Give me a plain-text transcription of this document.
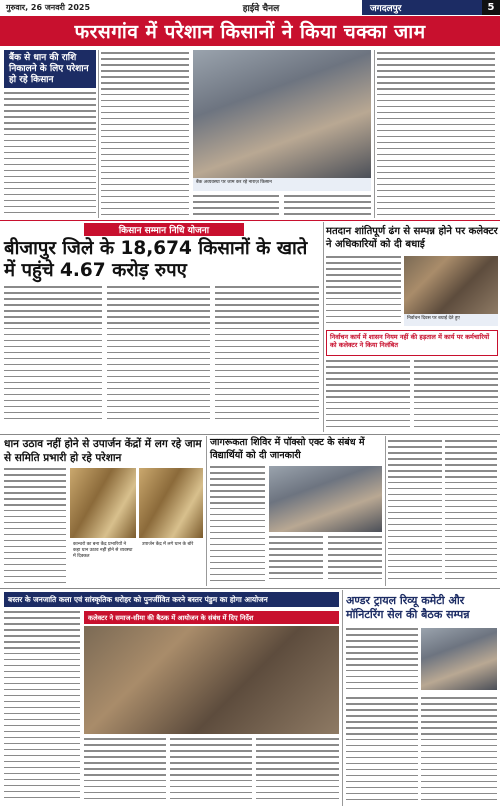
गुरुवार, 26 जनवरी 2025	हाईवे चैनल	जगदलपुर	5
फरसगांव में परेशान किसानों ने किया चक्का जाम
बैंक से धान की राशि निकालने के लिए परेशान हो रहे किसान
बैंक अव्यवस्था पर जाम कर रहे नाराज़ किसान
किसान सम्मान निधि योजना
बीजापुर जिले के 18,674 किसानों के खाते में पहुंचे 4.67 करोड़ रुपए
मतदान शांतिपूर्ण ढंग से सम्पन्न होने पर कलेक्टर ने अधिकारियों को दी बधाई
निर्वाचन दिवस पर बधाई देते हुए
निर्वाचन कार्य में शासन नियम नहीं की हड़ताल में कार्य पर कर्मचारियों को कलेक्टर ने किया निलंबित
धान उठाव नहीं होने से उपार्जन केंद्रों में लग रहे जाम से समिति प्रभारी हो रहे परेशान
कान्चरो का बना केंद्र प्रभारियों ने कहा धान उठाव नहीं होने से व्यवस्था में दिक्कत
उपार्जन केंद्र में लगे धान के बोरे
जागरूकता शिविर में पॉक्सो एक्ट के संबंध में विद्यार्थियों को दी जानकारी
बस्तर के जनजाति कला एवं सांस्कृतिक धरोहर को पुनर्जीवित करने बस्तर पंडुम का होगा आयोजन
कलेक्टर ने समाज-सीमा की बैठक में आयोजन के संबंध में दिए निर्देश
अण्डर ट्रायल रिव्यू कमेटी और मॉनिटरिंग सेल की बैठक सम्पन्न
